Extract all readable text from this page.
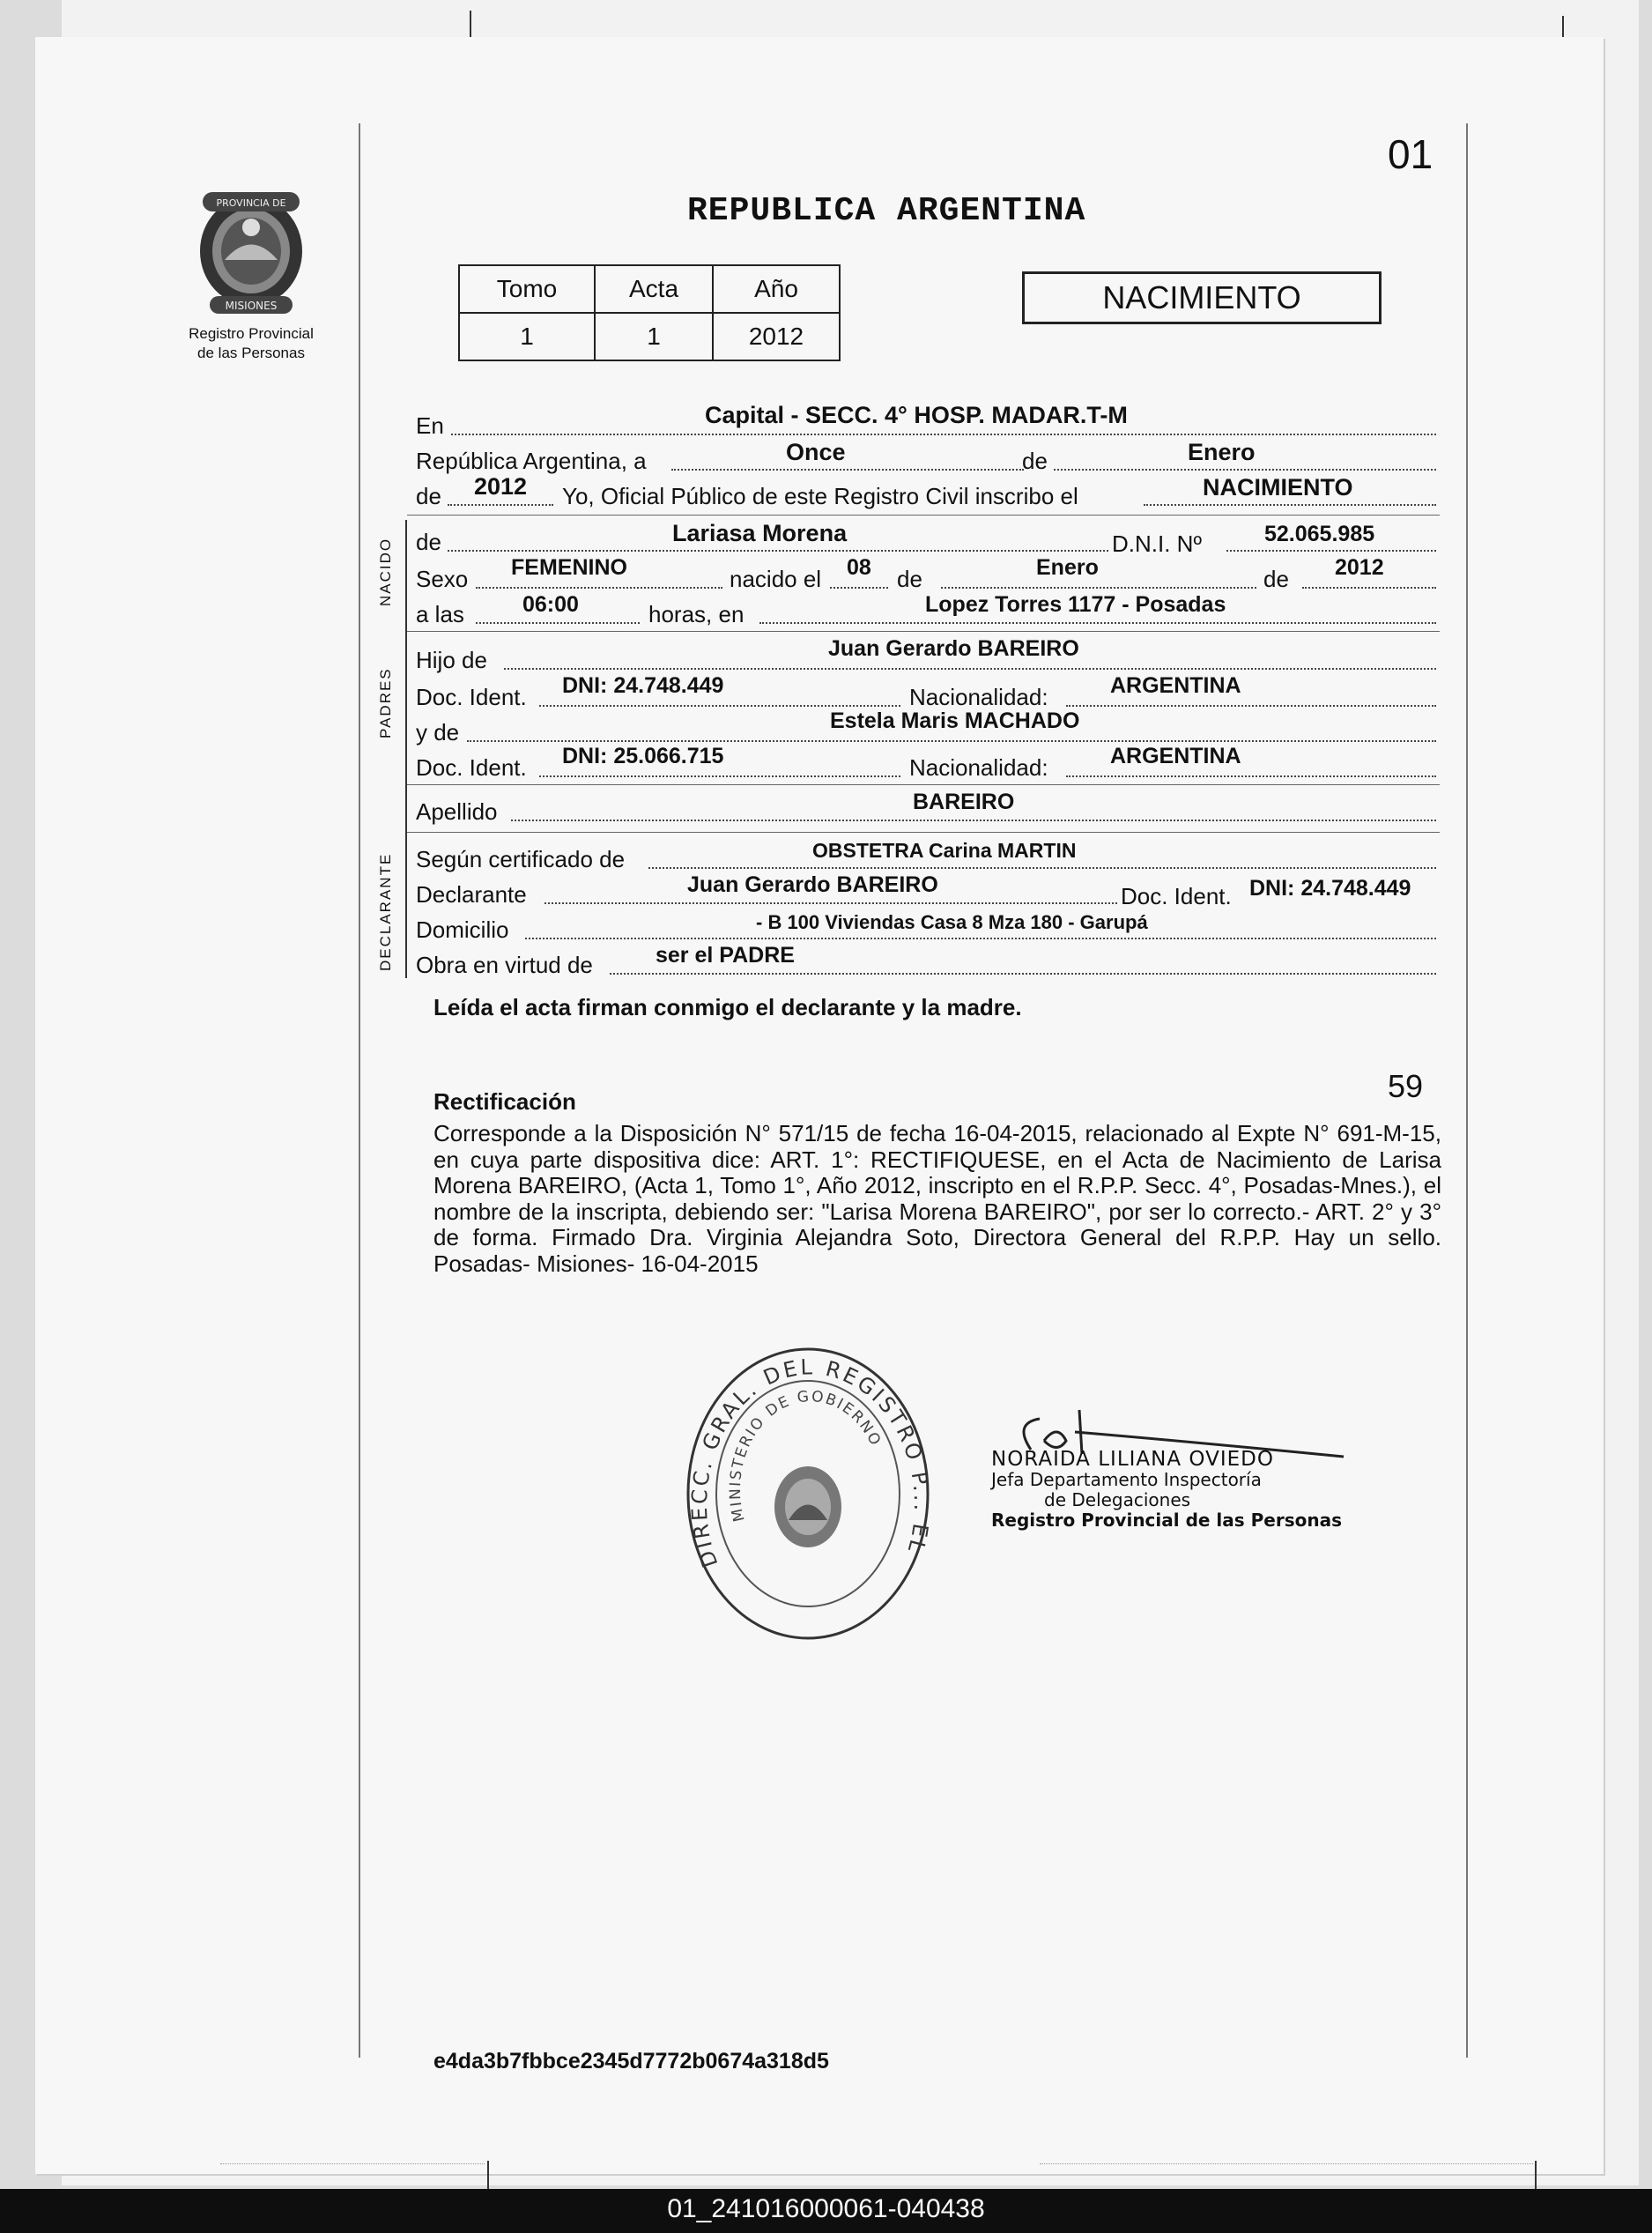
01
REPUBLICA ARGENTINA
PROVINCIA DE
MISIONES
Registro Provincial
de las Personas
Tomo	Acta	Año
1	1	2012
NACIMIENTO
En	Capital - SECC. 4° HOSP. MADAR.T-M
República Argentina, a	Once	de	Enero
de 2012 Yo, Oficial Público de este Registro Civil inscribo el	NACIMIENTO
NACIDO de	Lariasa Morena	D.N.I. Nº	52.065.985
Sexo FEMENINO	nacido el 08 de	Enero	de 2012
a las	06:00	horas, en	Lopez Torres 1177 - Posadas
PADRES
Hijo de	Juan Gerardo BAREIRO
Doc. Ident. DNI: 24.748.449	Nacionalidad:	ARGENTINA
y de	Estela Maris MACHADO
Doc. Ident. DNI: 25.066.715	Nacionalidad:	ARGENTINA
Apellido	BAREIRO
DECLARANTE Según certificado de	OBSTETRA Carina MARTIN
Declarante	Juan Gerardo BAREIRO	Doc. Ident. DNI: 24.748.449
Domicilio	- B 100 Viviendas Casa 8 Mza 180 - Garupá
Obra en virtud de	ser el PADRE
Leída el acta firman conmigo el declarante y la madre.
59
Rectificación
Corresponde a la Disposición N° 571/15 de fecha 16-04-2015, relacionado al Expte N° 691-M-15, en cuya parte dispositiva dice: ART. 1°: RECTIFIQUESE, en el Acta de Nacimiento de Larisa Morena BAREIRO, (Acta 1, Tomo 1°, Año 2012, inscripto en el R.P.P. Secc. 4°, Posadas-Mnes.), el nombre de la inscripta, debiendo ser: "Larisa Morena BAREIRO", por ser lo correcto.- ART. 2° y 3° de forma. Firmado Dra. Virginia Alejandra Soto, Directora General del R.P.P. Hay un sello. Posadas- Misiones- 16-04-2015
DIRECC. GRAL. DEL REGISTRO P... EL
MINISTERIO DE GOBIERNO
NORAIDA LILIANA OVIEDO
Jefa Departamento Inspectoría
de Delegaciones
Registro Provincial de las Personas
e4da3b7fbbce2345d7772b0674a318d5
01_241016000061-040438
